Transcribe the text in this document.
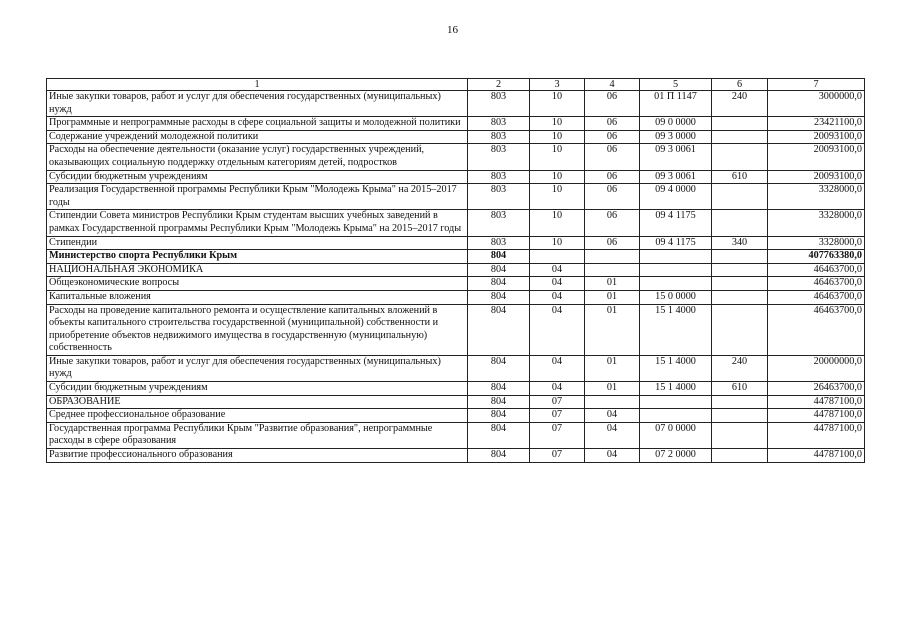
16
1	2	3	4	5	6	7
Иные закупки товаров, работ и услуг для обеспечения государственных (муниципальных) нужд	803	10	06	01 П 1147	240	3000000,0
Программные и непрограммные расходы в сфере социальной защиты и молодежной политики	803	10	06	09 0 0000		23421100,0
Содержание учреждений молодежной политики	803	10	06	09 3 0000		20093100,0
Расходы на обеспечение деятельности (оказание услуг) государственных учреждений, оказывающих социальную поддержку отдельным категориям детей, подростков	803	10	06	09 3 0061		20093100,0
Субсидии бюджетным учреждениям	803	10	06	09 3 0061	610	20093100,0
Реализация Государственной программы Республики Крым "Молодежь Крыма" на 2015–2017 годы	803	10	06	09 4 0000		3328000,0
Стипендии Совета министров Республики Крым студентам высших учебных заведений в рамках Государственной программы Республики Крым "Молодежь Крыма" на 2015–2017 годы	803	10	06	09 4 1175		3328000,0
Стипендии	803	10	06	09 4 1175	340	3328000,0
Министерство спорта Республики Крым	804					407763380,0
НАЦИОНАЛЬНАЯ ЭКОНОМИКА	804	04				46463700,0
Общеэкономические вопросы	804	04	01			46463700,0
Капитальные вложения	804	04	01	15 0 0000		46463700,0
Расходы на проведение капитального ремонта и осуществление капитальных вложений в объекты капитального строительства государственной (муниципальной) собственности и приобретение объектов недвижимого имущества в государственную (муниципальную) собственность	804	04	01	15 1 4000		46463700,0
Иные закупки товаров, работ и услуг для обеспечения государственных (муниципальных) нужд	804	04	01	15 1 4000	240	20000000,0
Субсидии бюджетным учреждениям	804	04	01	15 1 4000	610	26463700,0
ОБРАЗОВАНИЕ	804	07				44787100,0
Среднее профессиональное образование	804	07	04			44787100,0
Государственная программа Республики Крым "Развитие образования", непрограммные расходы в сфере образования	804	07	04	07 0 0000		44787100,0
Развитие профессионального образования	804	07	04	07 2 0000		44787100,0
